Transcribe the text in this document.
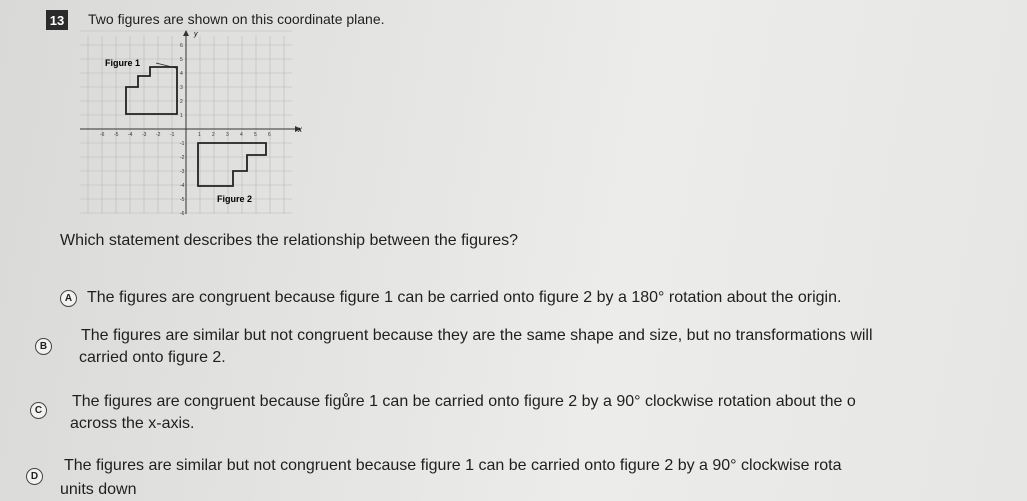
13 Two figures are shown on this coordinate plane.
x
y
-6 -5 -4 -3 -2 -1	1 2 3 4 5 6
6
5
4
3
2
1
-1
-2
-3
-4
-5
-6
Figure 1
Figure 2
Which statement describes the relationship between the figures?
A The figures are congruent because figure 1 can be carried onto figure 2 by a 180° rotation about the origin.
B
The figures are similar but not congruent because they are the same shape and size, but no transformations will
carried onto figure 2.
C
The figures are congruent because figůre 1 can be carried onto figure 2 by a 90° clockwise rotation about the o
across the x-axis.
D
The figures are similar but not congruent because figure 1 can be carried onto figure 2 by a 90° clockwise rota
units down
